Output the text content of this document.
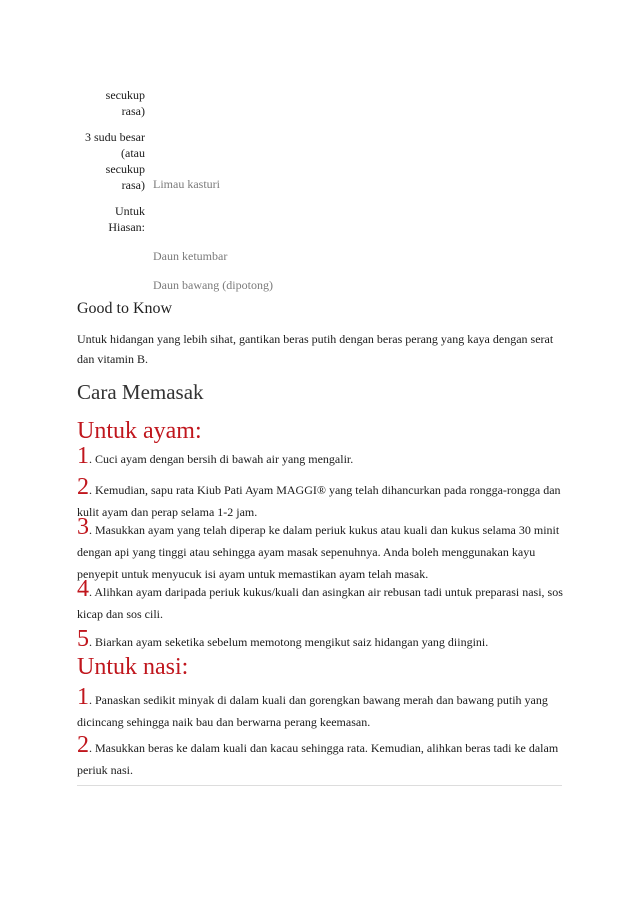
secukup
rasa)
3 sudu besar
(atau
secukup
rasa) Limau kasturi
Untuk
Hiasan:
Daun ketumbar
Daun bawang (dipotong)
Good to Know
Untuk hidangan yang lebih sihat, gantikan beras putih dengan beras perang yang kaya dengan serat dan vitamin B.
Cara Memasak
Untuk ayam:
1. Cuci ayam dengan bersih di bawah air yang mengalir.
2. Kemudian, sapu rata Kiub Pati Ayam MAGGI® yang telah dihancurkan pada rongga-rongga dan kulit ayam dan perap selama 1-2 jam.
3. Masukkan ayam yang telah diperap ke dalam periuk kukus atau kuali dan kukus selama 30 minit dengan api yang tinggi atau sehingga ayam masak sepenuhnya. Anda boleh menggunakan kayu penyepit untuk menyucuk isi ayam untuk memastikan ayam telah masak.
4. Alihkan ayam daripada periuk kukus/kuali dan asingkan air rebusan tadi untuk preparasi nasi, sos kicap dan sos cili.
5. Biarkan ayam seketika sebelum memotong mengikut saiz hidangan yang diingini.
Untuk nasi:
1. Panaskan sedikit minyak di dalam kuali dan gorengkan bawang merah dan bawang putih yang dicincang sehingga naik bau dan berwarna perang keemasan.
2. Masukkan beras ke dalam kuali dan kacau sehingga rata. Kemudian, alihkan beras tadi ke dalam periuk nasi.
